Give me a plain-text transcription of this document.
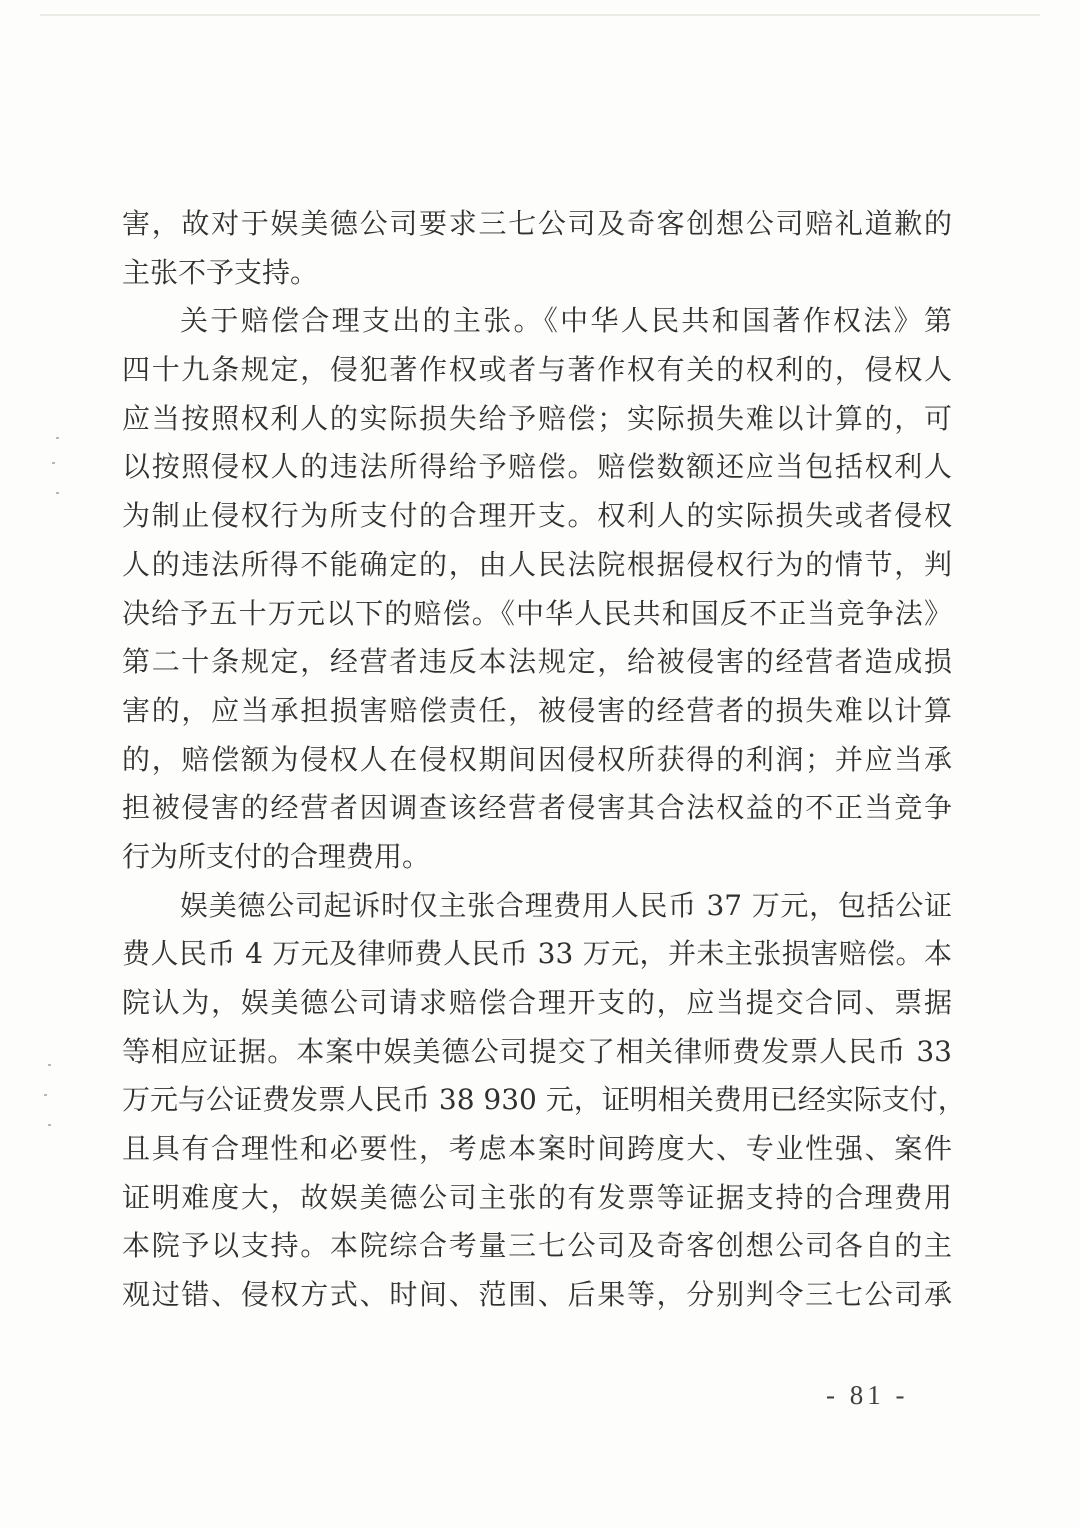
害，故对于娱美德公司要求三七公司及奇客创想公司赔礼道歉的
主张不予支持。
关于赔偿合理支出的主张。《中华人民共和国著作权法》第
四十九条规定，侵犯著作权或者与著作权有关的权利的，侵权人
应当按照权利人的实际损失给予赔偿；实际损失难以计算的，可
以按照侵权人的违法所得给予赔偿。赔偿数额还应当包括权利人
为制止侵权行为所支付的合理开支。权利人的实际损失或者侵权
人的违法所得不能确定的，由人民法院根据侵权行为的情节，判
决给予五十万元以下的赔偿。《中华人民共和国反不正当竞争法》
第二十条规定，经营者违反本法规定，给被侵害的经营者造成损
害的，应当承担损害赔偿责任，被侵害的经营者的损失难以计算
的，赔偿额为侵权人在侵权期间因侵权所获得的利润；并应当承
担被侵害的经营者因调查该经营者侵害其合法权益的不正当竞争
行为所支付的合理费用。
娱美德公司起诉时仅主张合理费用人民币 37 万元，包括公证
费人民币 4 万元及律师费人民币 33 万元，并未主张损害赔偿。本
院认为，娱美德公司请求赔偿合理开支的，应当提交合同、票据
等相应证据。本案中娱美德公司提交了相关律师费发票人民币 33
万元与公证费发票人民币 38 930 元，证明相关费用已经实际支付，
且具有合理性和必要性，考虑本案时间跨度大、专业性强、案件
证明难度大，故娱美德公司主张的有发票等证据支持的合理费用
本院予以支持。本院综合考量三七公司及奇客创想公司各自的主
观过错、侵权方式、时间、范围、后果等，分别判令三七公司承
- 81 -
